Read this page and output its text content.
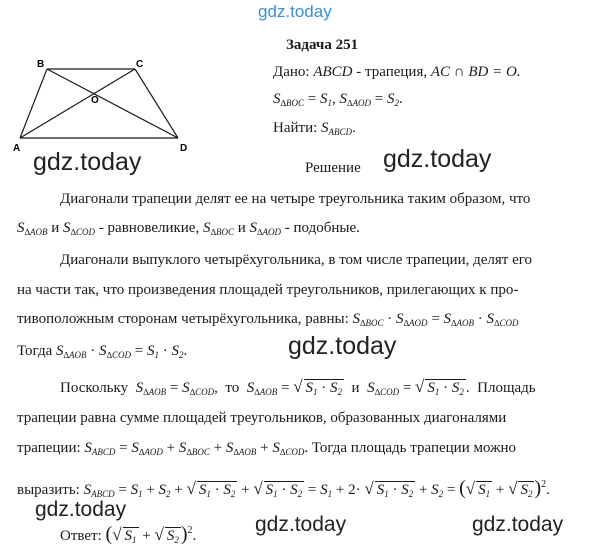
gdz.today
gdz.today	gdz.today
gdz.today
gdz.today
gdz.today	gdz.today
B	C
O
A	D
Задача 251
Дано: ABCD - трапеция, AC ∩ BD = O.
$S_{\Delta BOC} = S_1$, $S_{\Delta AOD} = S_2$.
Найти: $S_{ABCD}$.
Решение
Диагонали трапеции делят ее на четыре треугольника таким образом, что
$S_{\Delta AOB}$ и $S_{\Delta COD}$ - равновеликие, $S_{\Delta BOC}$ и $S_{\Delta AOD}$ - подобные.
Диагонали выпуклого четырёхугольника, в том числе трапеции, делят его
на части так, что произведения площадей треугольников, прилегающих к про-
тивоположным сторонам четырёхугольника, равны: $S_{\Delta BOC} \cdot S_{\Delta AOD} = S_{\Delta AOB} \cdot S_{\Delta COD}$
Тогда $S_{\Delta AOB} \cdot S_{\Delta COD} = S_1 \cdot S_2$.
Поскольку $S_{\Delta AOB} = S_{\Delta COD}$, то $S_{\Delta AOB}$ = √ $S_1 \cdot S_2$ и $S_{\Delta COD}$ = √ $S_1 \cdot S_2$ . Площадь
трапеции равна сумме площадей треугольников, образованных диагоналями
трапеции: $S_{ABCD} = S_{\Delta AOD} + S_{\Delta BOC} + S_{\Delta AOB} + S_{\Delta COD}$. Тогда площадь трапеции можно
выразить: $S_{ABCD} = S_1 + S_2$ + √ $S_1 \cdot S_2$ + √ $S_1 \cdot S_2 = S_1 + 2\cdot$ √ $S_1 \cdot S_2 + S_2$ = (√ $S_1$ + √ $S_2$ )$^2$.
Ответ: (√ $S_1$ + √ $S_2$ )$^2$.
